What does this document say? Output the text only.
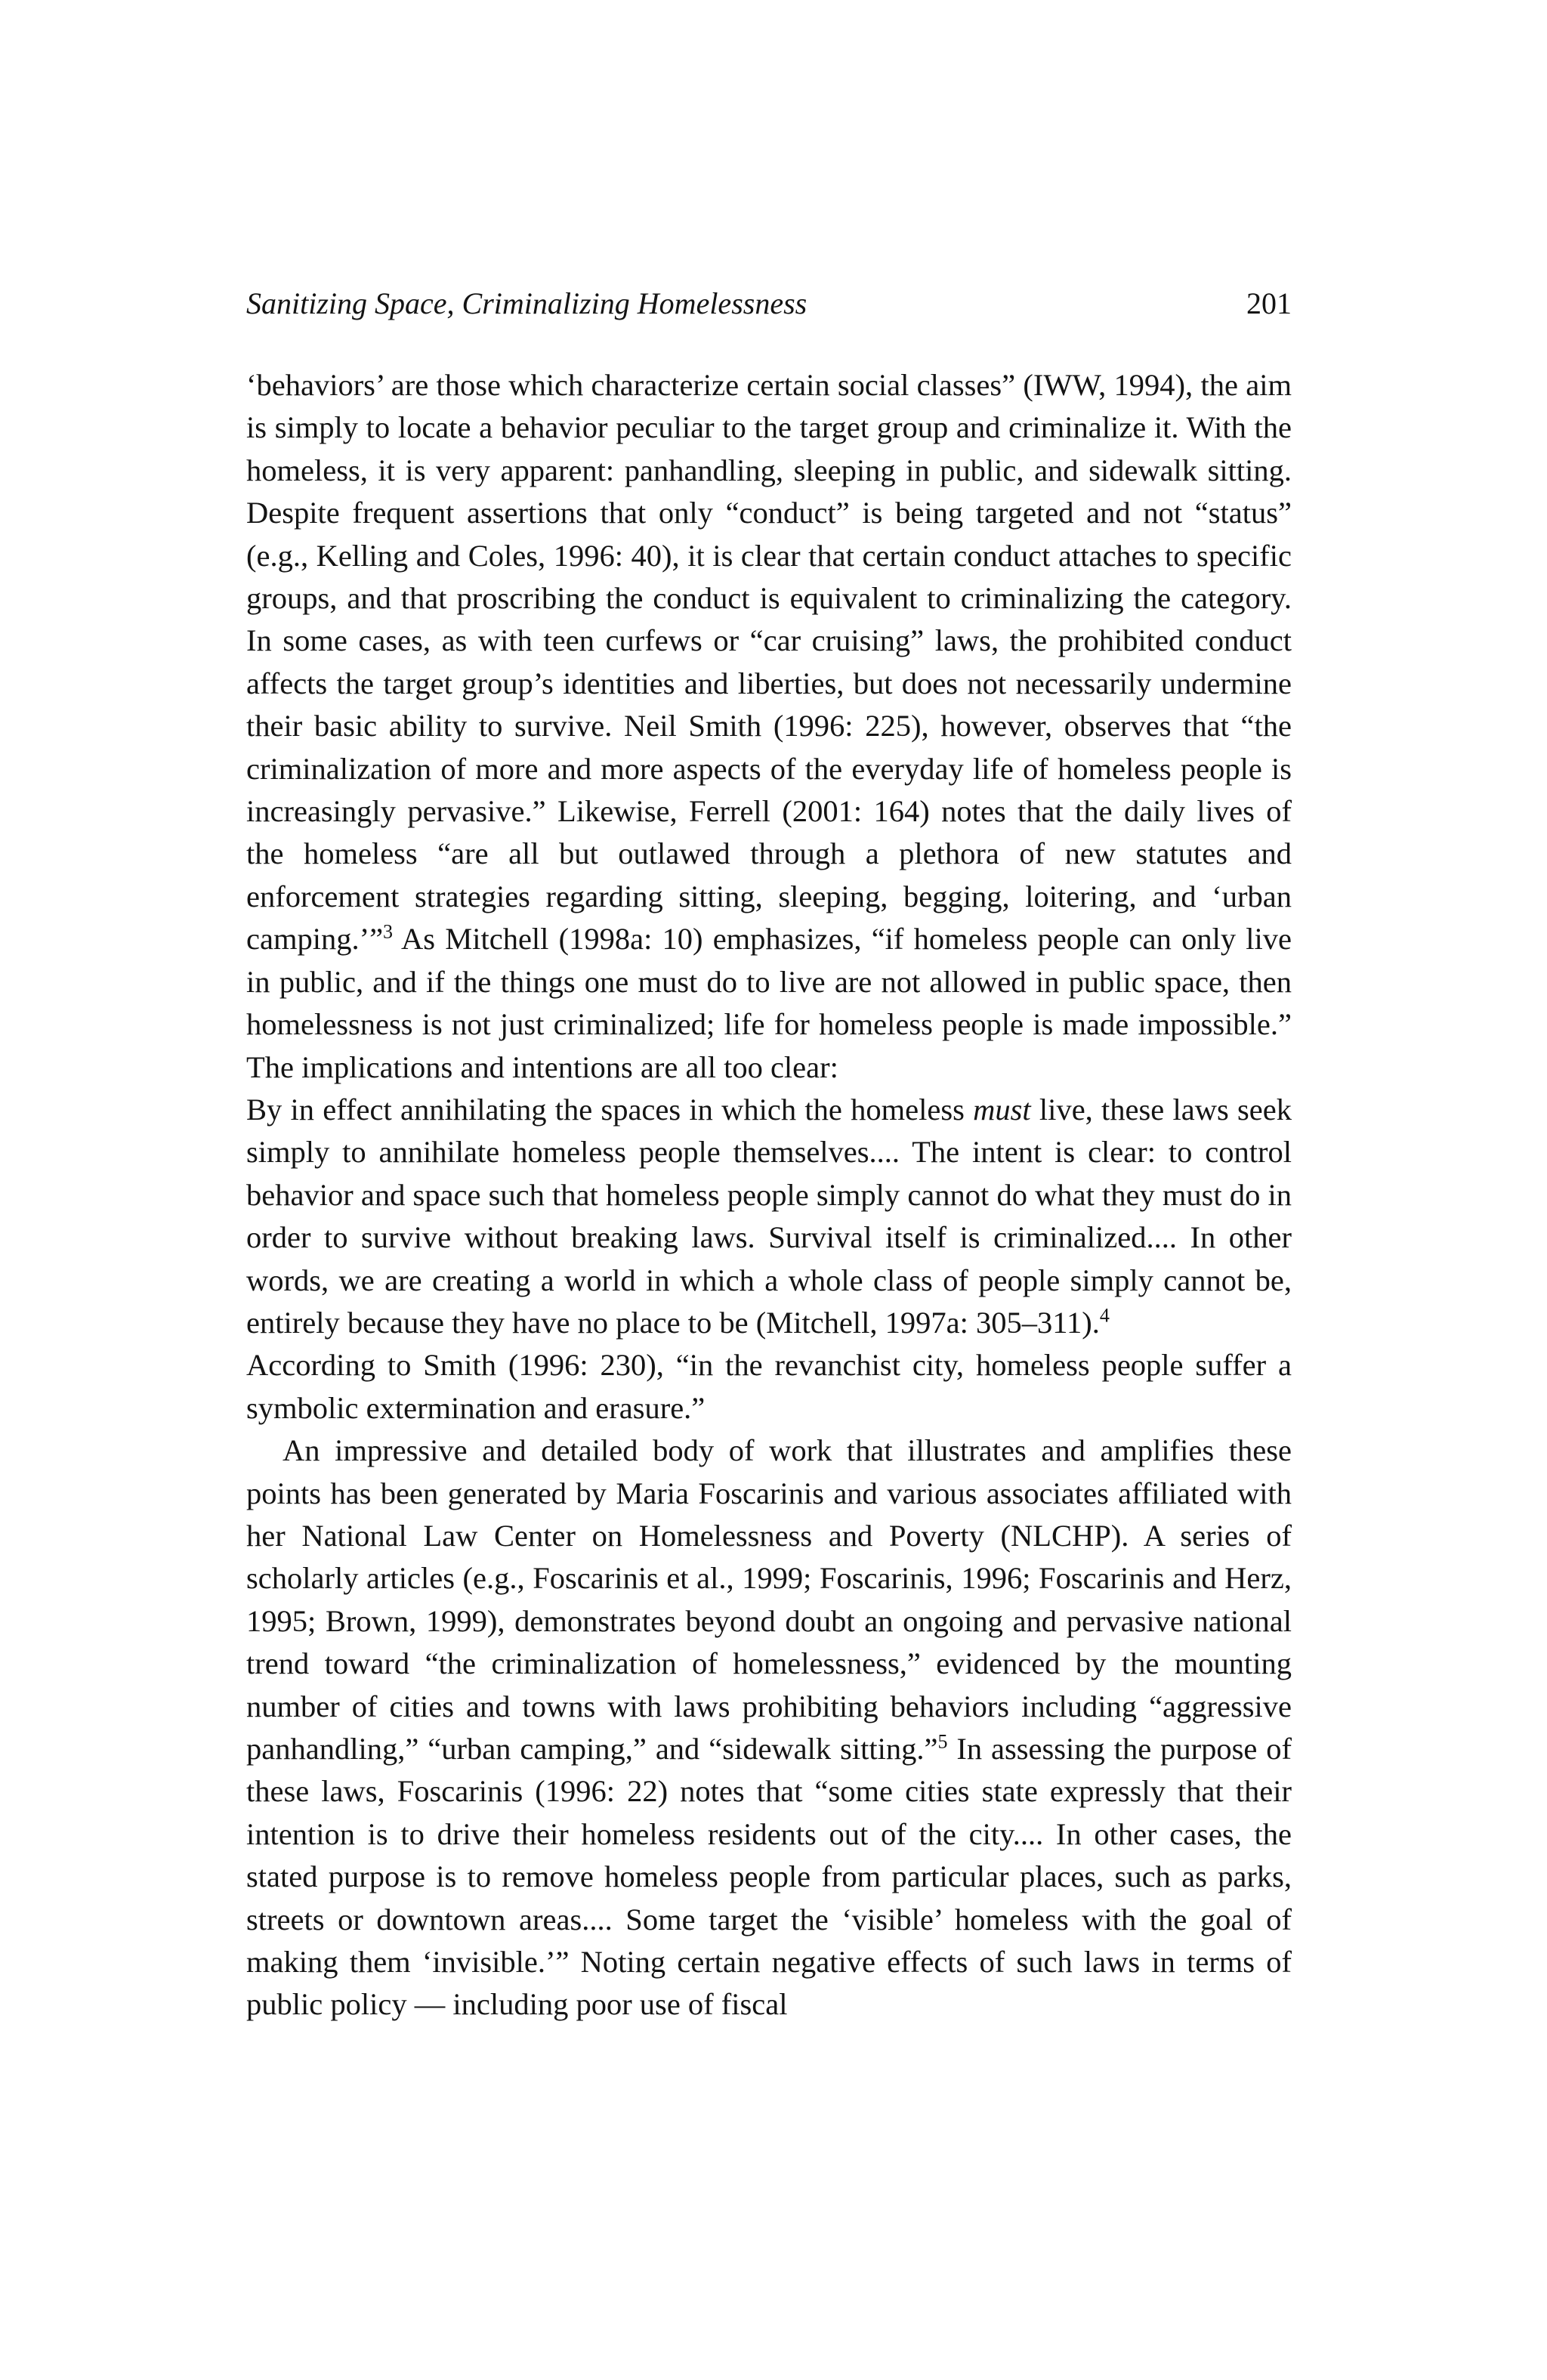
Sanitizing Space, Criminalizing Homelessness	201

‘behaviors’ are those which characterize certain social classes” (IWW, 1994), the aim is simply to locate a behavior peculiar to the target group and criminalize it. With the homeless, it is very apparent: panhandling, sleeping in public, and sidewalk sitting. Despite frequent assertions that only “conduct” is being targeted and not “status” (e.g., Kelling and Coles, 1996: 40), it is clear that certain conduct attaches to specific groups, and that proscribing the conduct is equivalent to criminalizing the category. In some cases, as with teen curfews or “car cruising” laws, the prohibited conduct affects the target group’s identities and liberties, but does not necessarily undermine their basic ability to survive. Neil Smith (1996: 225), however, observes that “the criminalization of more and more aspects of the everyday life of homeless people is increasingly pervasive.” Likewise, Ferrell (2001: 164) notes that the daily lives of the homeless “are all but outlawed through a plethora of new statutes and enforcement strategies regarding sitting, sleeping, begging, loitering, and ‘urban camping.’”$^3$ As Mitchell (1998a: 10) emphasizes, “if homeless people can only live in public, and if the things one must do to live are not allowed in public space, then homelessness is not just criminalized; life for homeless people is made impossible.” The implications and intentions are all too clear:

By in effect annihilating the spaces in which the homeless must live, these laws seek simply to annihilate homeless people themselves.... The intent is clear: to control behavior and space such that homeless people simply cannot do what they must do in order to survive without breaking laws. Survival itself is criminalized.... In other words, we are creating a world in which a whole class of people simply cannot be, entirely because they have no place to be (Mitchell, 1997a: 305–311).$^4$

According to Smith (1996: 230), “in the revanchist city, homeless people suffer a symbolic extermination and erasure.”

An impressive and detailed body of work that illustrates and amplifies these points has been generated by Maria Foscarinis and various associates affiliated with her National Law Center on Homelessness and Poverty (NLCHP). A series of scholarly articles (e.g., Foscarinis et al., 1999; Foscarinis, 1996; Foscarinis and Herz, 1995; Brown, 1999), demonstrates beyond doubt an ongoing and pervasive national trend toward “the criminalization of homelessness,” evidenced by the mounting number of cities and towns with laws prohibiting behaviors including “aggressive panhandling,” “urban camping,” and “sidewalk sitting.”$^5$ In assessing the purpose of these laws, Foscarinis (1996: 22) notes that “some cities state expressly that their intention is to drive their homeless residents out of the city.... In other cases, the stated purpose is to remove homeless people from particular places, such as parks, streets or downtown areas.... Some target the ‘visible’ homeless with the goal of making them ‘invisible.’” Noting certain negative effects of such laws in terms of public policy — including poor use of fiscal
